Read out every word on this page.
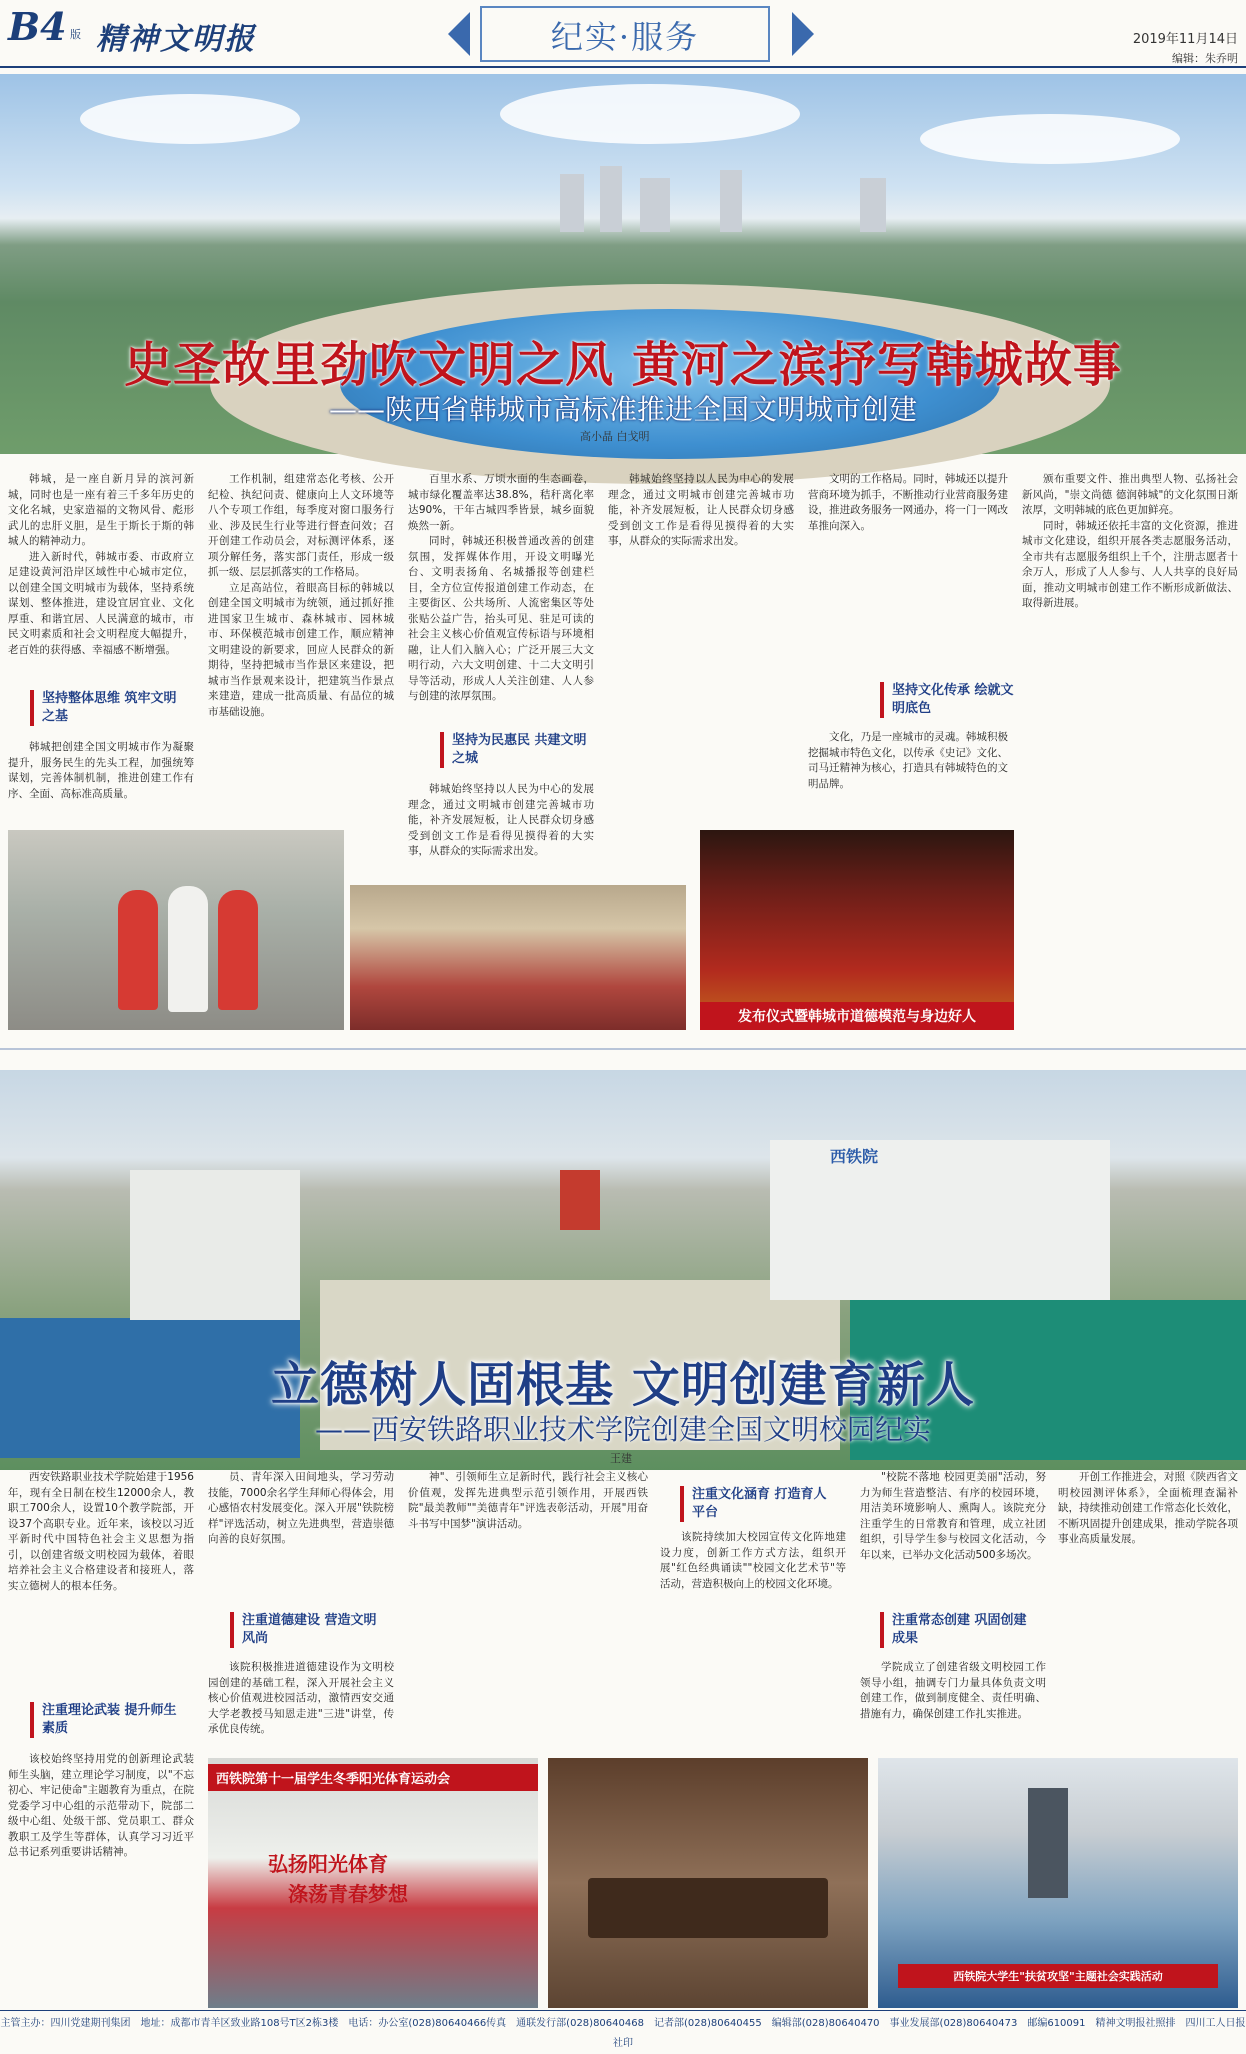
B4 版 精神文明报	纪实·服务	2019年11月14日
编辑：朱乔明
史圣故里劲吹文明之风 黄河之滨抒写韩城故事
——陕西省韩城市高标准推进全国文明城市创建
高小晶 白戈明

韩城，是一座自新月异的滨河新城，同时也是一座有着三千多年历史的文化名城，史家造福的文物风骨、彪形武儿的忠肝义胆，是生于斯长于斯的韩城人的精神动力。

进入新时代，韩城市委、市政府立足建设黄河沿岸区域性中心城市定位，以创建全国文明城市为载体，坚持系统谋划、整体推进，建设宜居宜业、文化厚重、和谐宜居、人民满意的城市，市民文明素质和社会文明程度大幅提升，老百姓的获得感、幸福感不断增强。

坚持整体思维 筑牢文明之基

韩城把创建全国文明城市作为凝聚提升，服务民生的先头工程，加强统筹谋划，完善体制机制，推进创建工作有序、全面、高标准高质量。

工作机制，组建常态化考核、公开纪检、执纪问责、健康向上人文环境等八个专项工作组，每季度对窗口服务行业、涉及民生行业等进行督查问效；召开创建工作动员会，对标测评体系，逐项分解任务，落实部门责任，形成一级抓一级、层层抓落实的工作格局。

立足高站位，着眼高目标的韩城以创建全国文明城市为统领，通过抓好推进国家卫生城市、森林城市、园林城市、环保模范城市创建工作，顺应精神文明建设的新要求，回应人民群众的新期待，坚持把城市当作景区来建设，把城市当作景观来设计，把建筑当作景点来建造，建成一批高质量、有品位的城市基础设施。

百里水系、万顷水面的生态画卷，城市绿化覆盖率达38.8%，秸秆离化率达90%，干年古城四季皆景，城乡面貌焕然一新。

同时，韩城还积极普通改善的创建氛围，发挥媒体作用，开设文明曝光台、文明表扬角、名城播报等创建栏目，全方位宣传报道创建工作动态，在主要街区、公共场所、人流密集区等处张贴公益广告，抬头可见、驻足可读的社会主义核心价值观宣传标语与环境相融，让人们入脑入心；广泛开展三大文明行动，六大文明创建、十二大文明引导等活动，形成人人关注创建、人人参与创建的浓厚氛围。

坚持为民惠民 共建文明之城

韩城始终坚持以人民为中心的发展理念，通过文明城市创建完善城市功能，补齐发展短板，让人民群众切身感受到创文工作是看得见摸得着的大实事，从群众的实际需求出发。

韩城始终坚持以人民为中心的发展理念，通过文明城市创建完善城市功能，补齐发展短板，让人民群众切身感受到创文工作是看得见摸得着的大实事，从群众的实际需求出发。

文明的工作格局。同时，韩城还以提升营商环境为抓手，不断推动行业营商服务建设，推进政务服务一网通办，将一门一网改革推向深入。

坚持文化传承 绘就文明底色

文化，乃是一座城市的灵魂。韩城积极挖掘城市特色文化，以传承《史记》文化、司马迁精神为核心，打造具有韩城特色的文明品牌。

颁布重要文件、推出典型人物、弘扬社会新风尚，"崇文尚德 德润韩城"的文化氛围日渐浓厚，文明韩城的底色更加鲜亮。

同时，韩城还依托丰富的文化资源，推进城市文化建设，组织开展各类志愿服务活动，全市共有志愿服务组织上千个，注册志愿者十余万人，形成了人人参与、人人共享的良好局面，推动文明城市创建工作不断形成新做法、取得新进展。

发布仪式暨韩城市道德模范与身边好人
西铁院
立德树人固根基 文明创建育新人
——西安铁路职业技术学院创建全国文明校园纪实
王建

西安铁路职业技术学院始建于1956年，现有全日制在校生12000余人，教职工700余人，设置10个教学院部，开设37个高职专业。近年来，该校以习近平新时代中国特色社会主义思想为指引，以创建省级文明校园为载体，着眼培养社会主义合格建设者和接班人，落实立德树人的根本任务。

注重理论武装 提升师生素质

该校始终坚持用党的创新理论武装师生头脑，建立理论学习制度，以"不忘初心、牢记使命"主题教育为重点，在院党委学习中心组的示范带动下，院部二级中心组、处级干部、党员职工、群众教职工及学生等群体，认真学习习近平总书记系列重要讲话精神。

员、青年深入田间地头，学习劳动技能，7000余名学生拜师心得体会，用心感悟农村发展变化。深入开展"铁院榜样"评选活动，树立先进典型，营造崇德向善的良好氛围。

注重道德建设 营造文明风尚

该院积极推进道德建设作为文明校园创建的基础工程，深入开展社会主义核心价值观进校园活动，激情西安交通大学老教授马知恩走进"三进"讲堂，传承优良传统。

神"、引领师生立足新时代，践行社会主义核心价值观，发挥先进典型示范引领作用，开展西铁院"最美教师""美德青年"评选表彰活动，开展"用奋斗书写中国梦"演讲活动。

注重文化涵育 打造育人平台

该院持续加大校园宣传文化阵地建设力度，创新工作方式方法，组织开展"红色经典诵读""校园文化艺术节"等活动，营造积极向上的校园文化环境。

"校院不落地 校园更美丽"活动，努力为师生营造整洁、有序的校园环境，用洁美环境影响人、熏陶人。该院充分注重学生的日常教育和管理，成立社团组织，引导学生参与校园文化活动，今年以来，已举办文化活动500多场次。

注重常态创建 巩固创建成果

学院成立了创建省级文明校园工作领导小组，抽调专门力量具体负责文明创建工作，做到制度健全、责任明确、措施有力，确保创建工作扎实推进。

开创工作推进会，对照《陕西省文明校园测评体系》，全面梳理查漏补缺，持续推动创建工作常态化长效化，不断巩固提升创建成果，推动学院各项事业高质量发展。

西铁院第十一届学生冬季阳光体育运动会
弘扬阳光体育
涤荡青春梦想
西铁院大学生"扶贫攻坚"主题社会实践活动
主管主办：四川党建期刊集团　地址：成都市青羊区致业路108号T区2栋3楼　电话：办公室(028)80640466传真　通联发行部(028)80640468　记者部(028)80640455　编辑部(028)80640470　事业发展部(028)80640473　邮编610091　精神文明报社照排　四川工人日报社印
